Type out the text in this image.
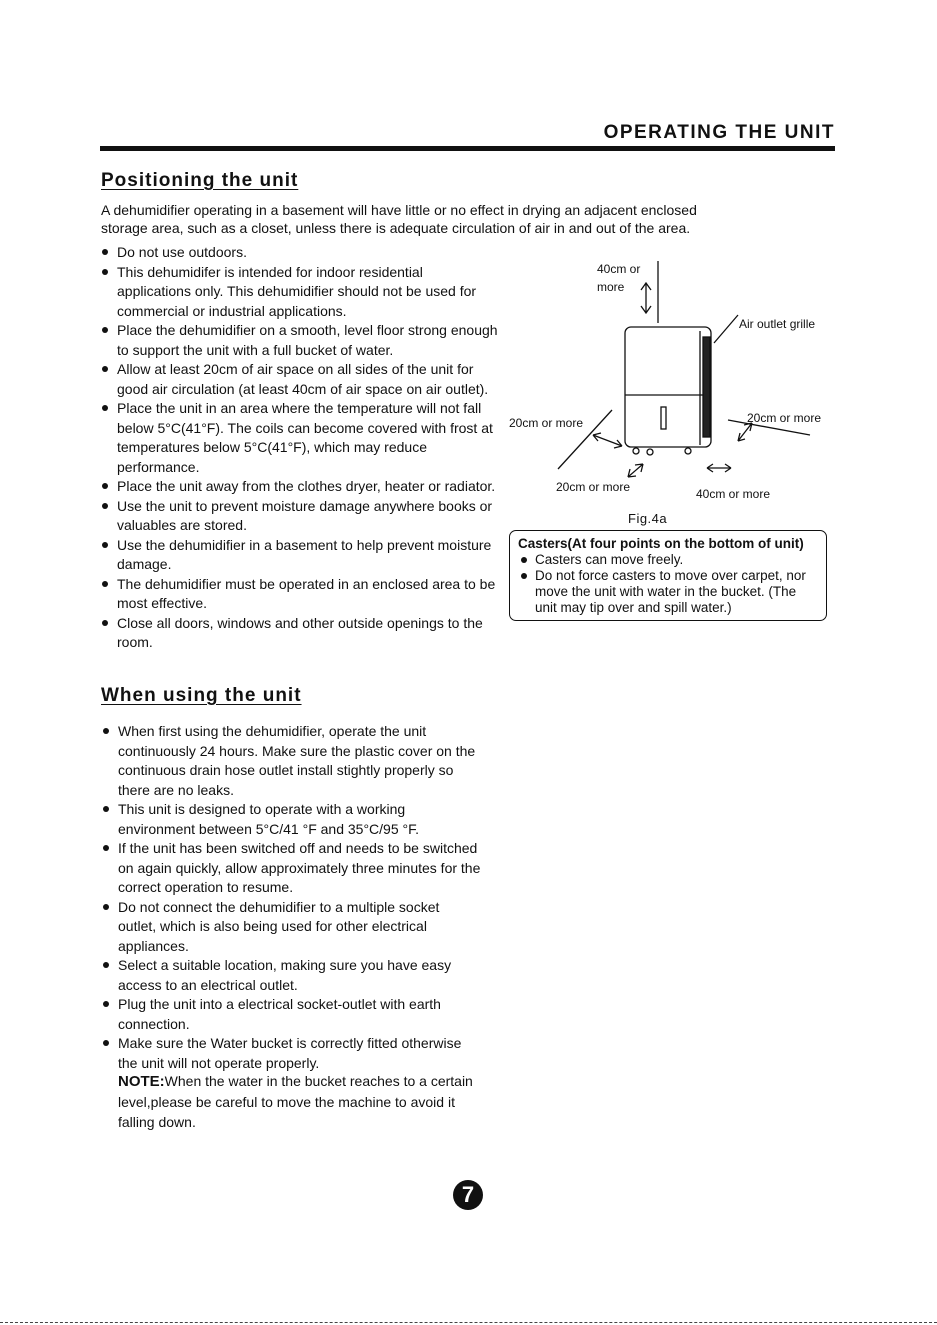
OPERATING THE UNIT
Positioning the unit
A dehumidifier operating in a basement will have little or no effect in drying an adjacent enclosed storage area, such as a closet, unless there is adequate circulation of air in and out of the area.
Do not use outdoors.
This dehumidifer is intended for indoor residential applications only. This dehumidifier should not be used for commercial or industrial applications.
Place the dehumidifier on a smooth, level floor strong enough to support the unit with a full bucket of water.
Allow at least 20cm of air space on all sides of the unit for good air circulation (at least 40cm of air space on air outlet).
Place the unit in an area where the temperature will not fall below 5°C(41°F). The coils can become covered with frost at temperatures below 5°C(41°F), which may reduce performance.
Place the unit away from the clothes dryer, heater or radiator.
Use the unit to prevent moisture damage anywhere books or valuables are stored.
Use the dehumidifier in a basement to help prevent moisture damage.
The dehumidifier must be operated in an enclosed area to be most effective.
Close all doors, windows and other outside openings to the room.
40cm or
more
Air outlet grille
20cm or more	20cm or more
20cm or more	40cm or more
Fig.4a
Casters(At four points on the bottom of unit)
Casters can move freely.
Do not force casters to move over carpet, nor move the unit with water in the bucket. (The unit may tip over and spill water.)
When using the unit
When first using the dehumidifier, operate the unit continuously 24 hours. Make sure the plastic cover on the continuous drain hose outlet install stightly properly so there are no leaks.
This unit is designed to operate with a working environment between 5°C/41 °F and 35°C/95 °F.
If the unit has been switched off and needs to be switched on again quickly, allow approximately three minutes for the correct operation to resume.
Do not connect the dehumidifier to a multiple socket outlet, which is also being used for other electrical appliances.
Select a suitable location, making sure you have easy access to an electrical outlet.
Plug the unit into a electrical socket-outlet with earth connection.
Make sure the Water bucket is correctly fitted otherwise the unit will not operate properly.
NOTE:When the water in the bucket reaches to a certain level,please be careful to move the machine to avoid it falling down.
7
